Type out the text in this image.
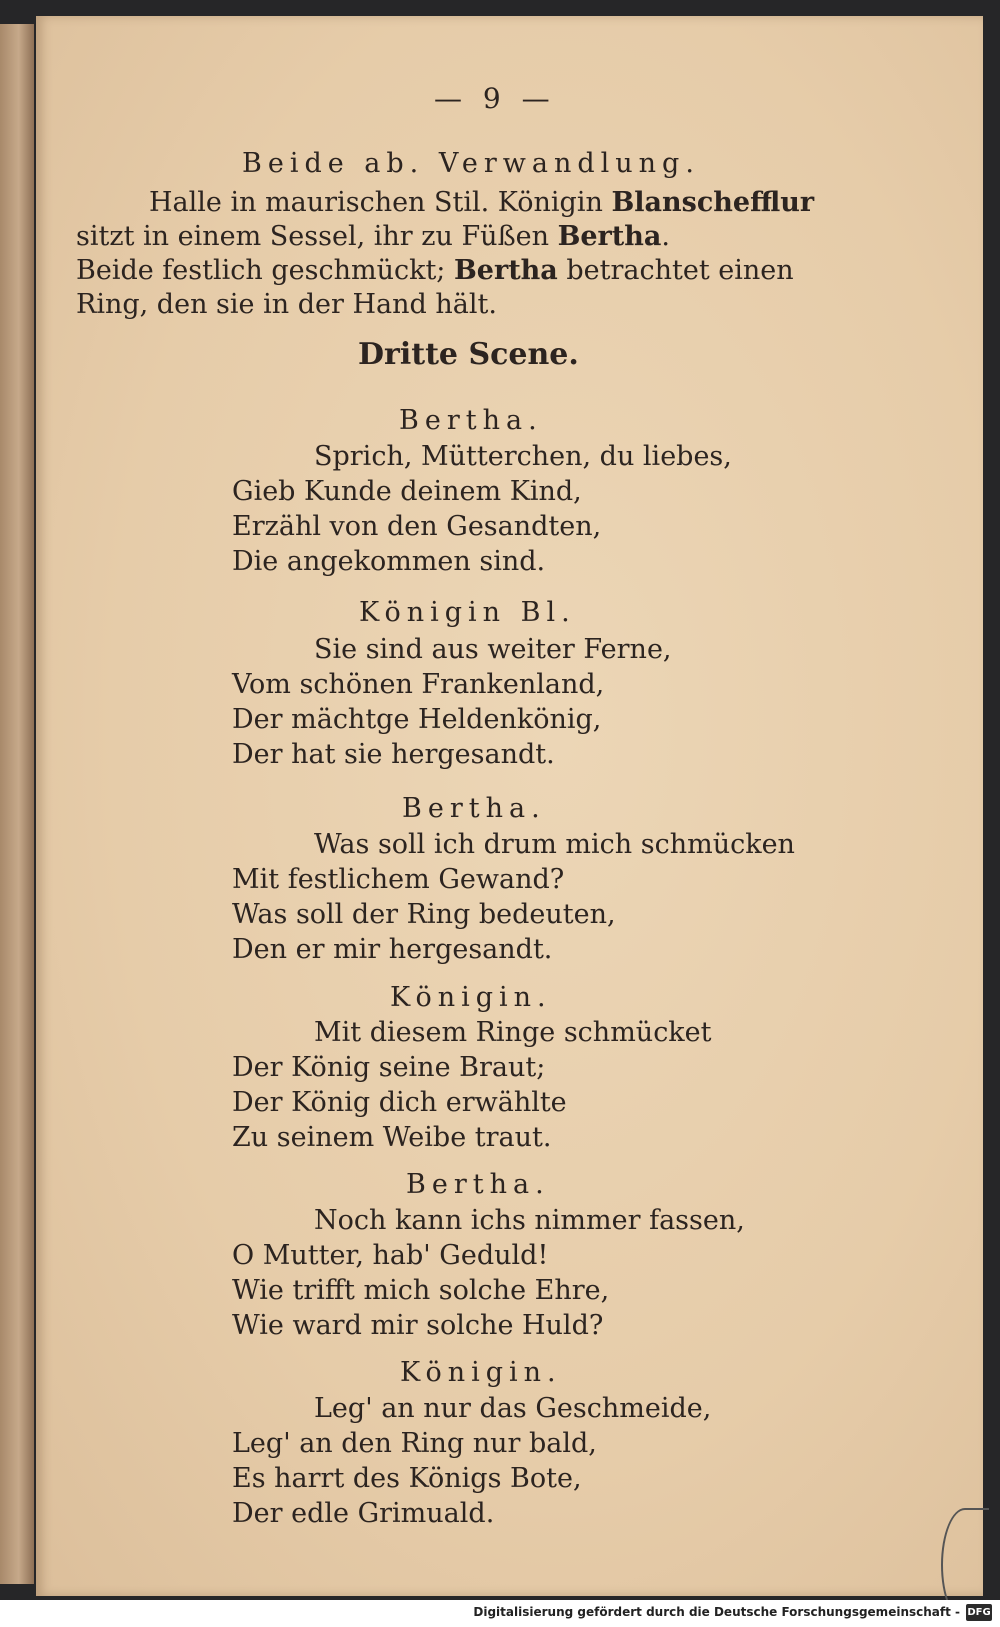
— 9 —
Beide ab. Verwandlung.
Halle in maurischen Stil. Königin Blanschefflur
sitzt in einem Sessel, ihr zu Füßen Bertha.
Beide festlich geschmückt; Bertha betrachtet einen
Ring, den sie in der Hand hält.
Dritte Scene.
Bertha.
Sprich, Mütterchen, du liebes,
Gieb Kunde deinem Kind,
Erzähl von den Gesandten,
Die angekommen sind.
Königin Bl.
Sie sind aus weiter Ferne,
Vom schönen Frankenland,
Der mächtge Heldenkönig,
Der hat sie hergesandt.
Bertha.
Was soll ich drum mich schmücken
Mit festlichem Gewand?
Was soll der Ring bedeuten,
Den er mir hergesandt.
Königin.
Mit diesem Ringe schmücket
Der König seine Braut;
Der König dich erwählte
Zu seinem Weibe traut.
Bertha.
Noch kann ichs nimmer fassen,
O Mutter, hab' Geduld!
Wie trifft mich solche Ehre,
Wie ward mir solche Huld?
Königin.
Leg' an nur das Geschmeide,
Leg' an den Ring nur bald,
Es harrt des Königs Bote,
Der edle Grimuald.
Digitalisierung gefördert durch die Deutsche Forschungsgemeinschaft - DFG
